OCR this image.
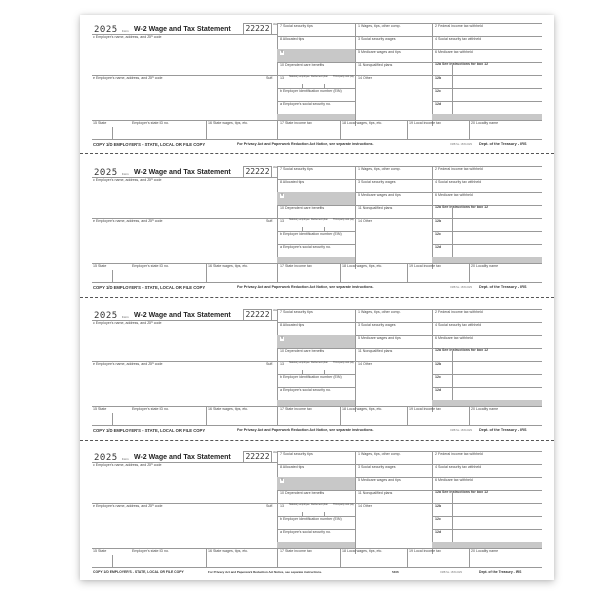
2025 Form W-2 Wage and Tax Statement	22222	Void
c Employer's name, address, and ZIP code
e Employee's name, address, and ZIP code	Suff.
7 Social security tips
8 Allocated tips
9
10 Dependent care benefits
13 Statutory employee Retirement plan Third-party sick pay
b Employer identification number (EIN)
a Employee's social security no.
1 Wages, tips, other comp.
3 Social security wages
5 Medicare wages and tips
11 Nonqualified plans
14 Other
2 Federal income tax withheld
4 Social security tax withheld
6 Medicare tax withheld
12a See instructions for box 12
12b
12c
12d
15 State	Employer's state ID no.	16 State wages, tips, etc.	17 State income tax	18 Local wages, tips, etc.	19 Local income tax	20 Locality name
COPY 1/D EMPLOYER'S - STATE, LOCAL OR FILE COPY	For Privacy Act and Paperwork Reduction Act Notice, see separate instructions.	OMB No. 1545-0029 Dept. of the Treasury - IRS
2025 Form W-2 Wage and Tax Statement	22222	Void
c Employer's name, address, and ZIP code
e Employee's name, address, and ZIP code	Suff.
7 Social security tips
8 Allocated tips
9
10 Dependent care benefits
13 Statutory employee Retirement plan Third-party sick pay
b Employer identification number (EIN)
a Employee's social security no.
1 Wages, tips, other comp.
3 Social security wages
5 Medicare wages and tips
11 Nonqualified plans
14 Other
2 Federal income tax withheld
4 Social security tax withheld
6 Medicare tax withheld
12a See instructions for box 12
12b
12c
12d
15 State	Employer's state ID no.	16 State wages, tips, etc.	17 State income tax	18 Local wages, tips, etc.	19 Local income tax	20 Locality name
COPY 1/D EMPLOYER'S - STATE, LOCAL OR FILE COPY	For Privacy Act and Paperwork Reduction Act Notice, see separate instructions.	OMB No. 1545-0029 Dept. of the Treasury - IRS
2025 Form W-2 Wage and Tax Statement	22222	Void
c Employer's name, address, and ZIP code
e Employee's name, address, and ZIP code	Suff.
7 Social security tips
8 Allocated tips
9
10 Dependent care benefits
13 Statutory employee Retirement plan Third-party sick pay
b Employer identification number (EIN)
a Employee's social security no.
1 Wages, tips, other comp.
3 Social security wages
5 Medicare wages and tips
11 Nonqualified plans
14 Other
2 Federal income tax withheld
4 Social security tax withheld
6 Medicare tax withheld
12a See instructions for box 12
12b
12c
12d
15 State	Employer's state ID no.	16 State wages, tips, etc.	17 State income tax	18 Local wages, tips, etc.	19 Local income tax	20 Locality name
COPY 1/D EMPLOYER'S - STATE, LOCAL OR FILE COPY	For Privacy Act and Paperwork Reduction Act Notice, see separate instructions.	OMB No. 1545-0029 Dept. of the Treasury - IRS
2025 Form W-2 Wage and Tax Statement	22222	Void
c Employer's name, address, and ZIP code
e Employee's name, address, and ZIP code	Suff.
7 Social security tips
8 Allocated tips
9
10 Dependent care benefits
13 Statutory employee Retirement plan Third-party sick pay
b Employer identification number (EIN)
a Employee's social security no.
1 Wages, tips, other comp.
3 Social security wages
5 Medicare wages and tips
11 Nonqualified plans
14 Other
2 Federal income tax withheld
4 Social security tax withheld
6 Medicare tax withheld
12a See instructions for box 12
12b
12c
12d
15 State	Employer's state ID no.	16 State wages, tips, etc.	17 State income tax	18 Local wages, tips, etc.	19 Local income tax	20 Locality name
COPY 1/D EMPLOYER'S - STATE, LOCAL OR FILE COPY	For Privacy Act and Paperwork Reduction Act Notice, see separate instructions.	5406	OMB No. 1545-0029	Dept. of the Treasury - IRS
